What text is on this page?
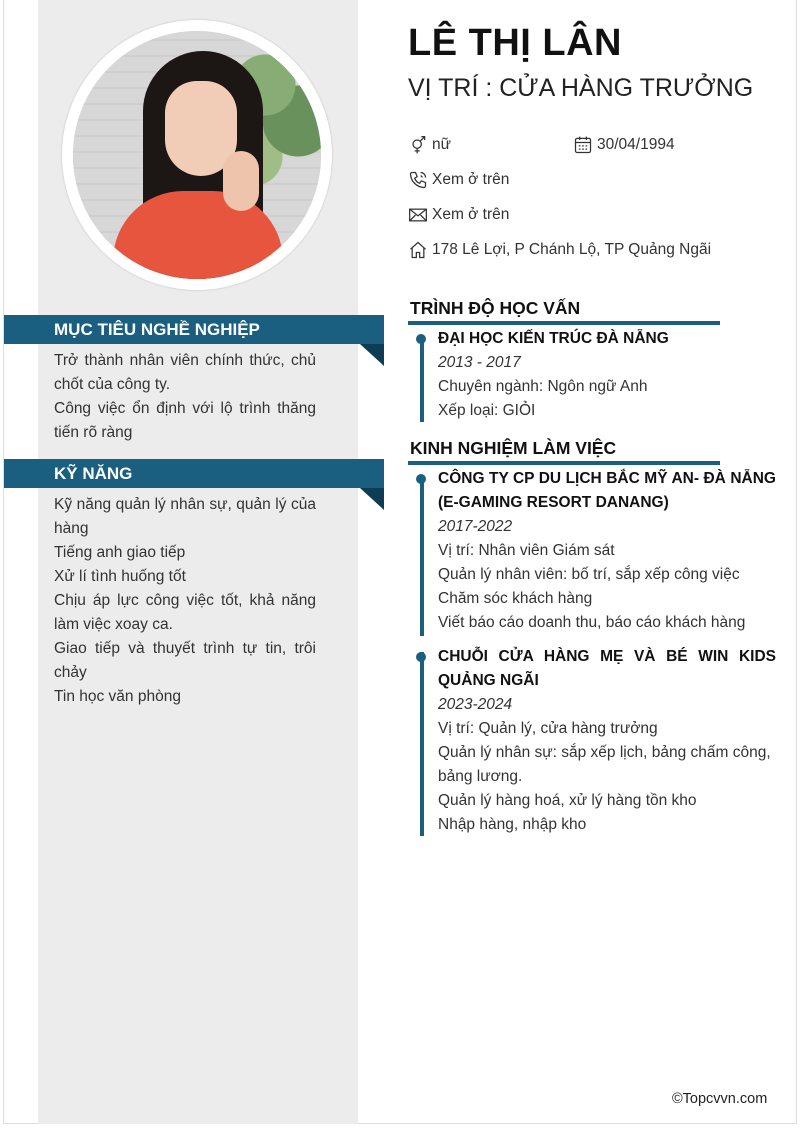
MỤC TIÊU NGHỀ NGHIỆP
Trở thành nhân viên chính thức, chủ chốt của công ty.
Công việc ổn định với lộ trình thăng tiến rõ ràng
KỸ NĂNG
Kỹ năng quản lý nhân sự, quản lý của hàng
Tiếng anh giao tiếp
Xử lí tình huống tốt
Chịu áp lực công việc tốt, khả năng làm việc xoay ca.
Giao tiếp và thuyết trình tự tin, trôi chảy
Tin học văn phòng
LÊ THỊ LÂN
VỊ TRÍ : CỬA HÀNG TRƯỞNG
nữ	30/04/1994
Xem ở trên
Xem ở trên
178 Lê Lợi, P Chánh Lộ, TP Quảng Ngãi
TRÌNH ĐỘ HỌC VẤN
ĐẠI HỌC KIẾN TRÚC ĐÀ NẴNG
2013 - 2017
Chuyên ngành: Ngôn ngữ Anh
Xếp loại: GIỎI
KINH NGHIỆM LÀM VIỆC
CÔNG TY CP DU LỊCH BẮC MỸ AN- ĐÀ NẴNG (E-GAMING RESORT DANANG)
2017-2022
Vị trí: Nhân viên Giám sát
Quản lý nhân viên: bố trí, sắp xếp công việc
Chăm sóc khách hàng
Viết báo cáo doanh thu, báo cáo khách hàng
CHUỖI CỬA HÀNG MẸ VÀ BÉ WIN KIDS QUẢNG NGÃI
2023-2024
Vị trí: Quản lý, cửa hàng trưởng
Quản lý nhân sự: sắp xếp lịch, bảng chấm công, bảng lương.
Quản lý hàng hoá, xử lý hàng tồn kho
Nhập hàng, nhập kho
©Topcvvn.com
